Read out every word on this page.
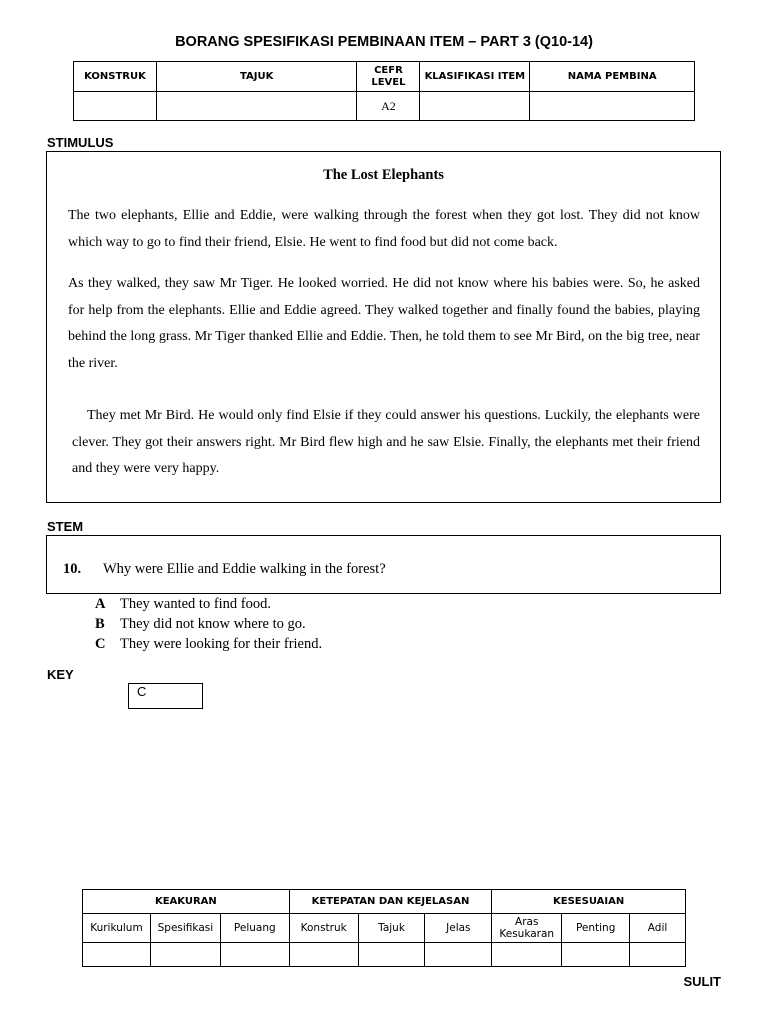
BORANG SPESIFIKASI PEMBINAAN ITEM – PART 3 (Q10-14)
KONSTRUK	TAJUK	CEFR LEVEL	KLASIFIKASI ITEM	NAMA PEMBINA
		A2		
STIMULUS
The Lost Elephants

The two elephants, Ellie and Eddie, were walking through the forest when they got lost. They did not know which way to go to find their friend, Elsie. He went to find food but did not come back.

As they walked, they saw Mr Tiger. He looked worried. He did not know where his babies were. So, he asked for help from the elephants. Ellie and Eddie agreed. They walked together and finally found the babies, playing behind the long grass. Mr Tiger thanked Ellie and Eddie. Then, he told them to see Mr Bird, on the big tree, near the river.

They met Mr Bird. He would only find Elsie if they could answer his questions. Luckily, the elephants were clever. They got their answers right. Mr Bird flew high and he saw Elsie. Finally, the elephants met their friend and they were very happy.

STEM
10. Why were Ellie and Eddie walking in the forest?
A They wanted to find food.
B They did not know where to go.
C They were looking for their friend.
KEY
C
KEAKURAN			KETEPATAN DAN KEJELASAN			KESESUAIAN		
Kurikulum	Spesifikasi	Peluang	Konstruk	Tajuk	Jelas	Aras Kesukaran	Penting	Adil

SULIT
